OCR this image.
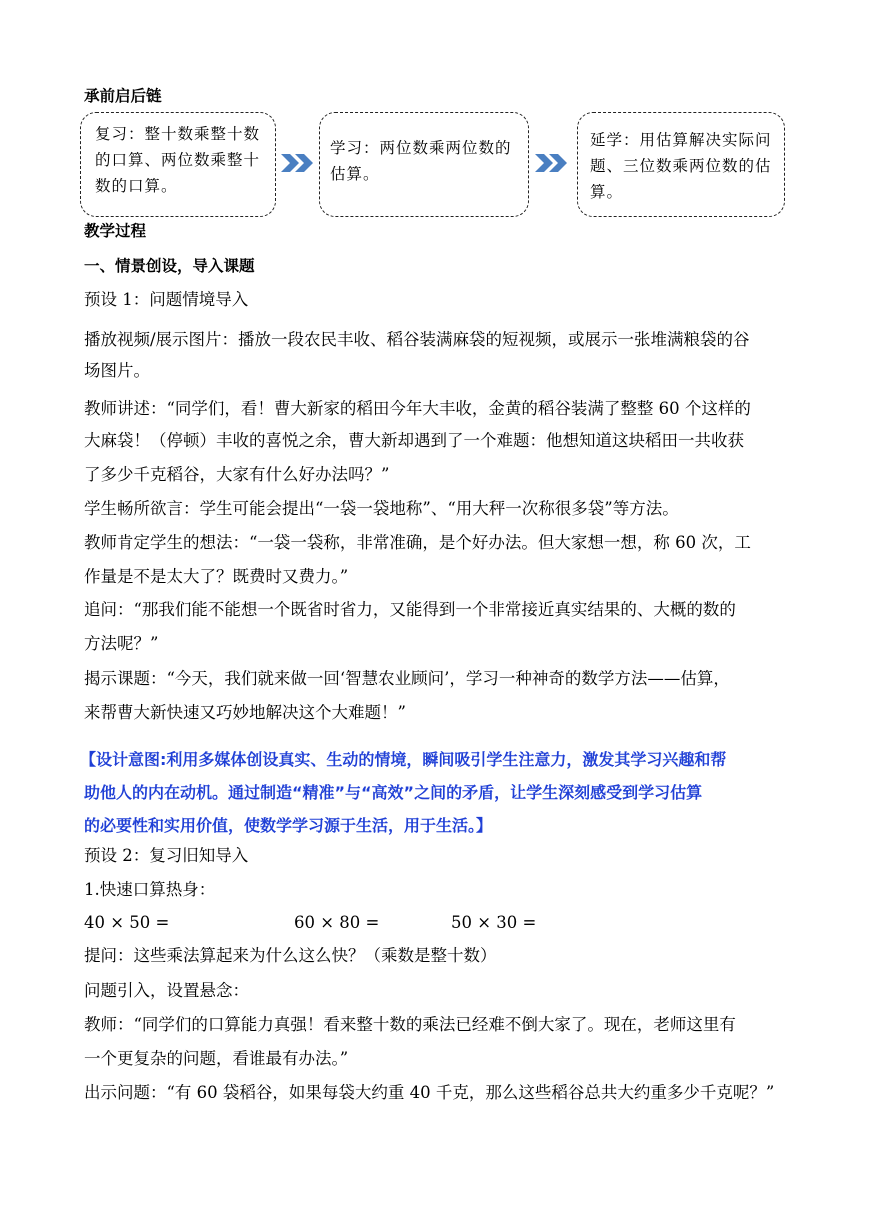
承前启后链
复习：整十数乘整十数
的口算、两位数乘整十
数的口算。
学习：两位数乘两位数的
估算。
延学：用估算解决实际问
题、三位数乘两位数的估
算。
教学过程
一、情景创设，导入课题
预设 1：问题情境导入
播放视频/展示图片：播放一段农民丰收、稻谷装满麻袋的短视频，或展示一张堆满粮袋的谷
场图片。
教师讲述：“同学们，看！曹大新家的稻田今年大丰收，金黄的稻谷装满了整整 60 个这样的
大麻袋！（停顿）丰收的喜悦之余，曹大新却遇到了一个难题：他想知道这块稻田一共收获
了多少千克稻谷，大家有什么好办法吗？”
学生畅所欲言：学生可能会提出“一袋一袋地称”、“用大秤一次称很多袋”等方法。
教师肯定学生的想法：“一袋一袋称，非常准确，是个好办法。但大家想一想，称 60 次，工
作量是不是太大了？既费时又费力。”
追问：“那我们能不能想一个既省时省力，又能得到一个非常接近真实结果的、大概的数的
方法呢？”
揭示课题：“今天，我们就来做一回‘智慧农业顾问’，学习一种神奇的数学方法——估算，
来帮曹大新快速又巧妙地解决这个大难题！”
【设计意图:利用多媒体创设真实、生动的情境，瞬间吸引学生注意力，激发其学习兴趣和帮
助他人的内在动机。通过制造“精准”与“高效”之间的矛盾，让学生深刻感受到学习估算
的必要性和实用价值，使数学学习源于生活，用于生活。】
预设 2：复习旧知导入
1.快速口算热身：
40 × 50 =	60 × 80 =	50 × 30 =
提问：这些乘法算起来为什么这么快？（乘数是整十数）
问题引入，设置悬念：
教师：“同学们的口算能力真强！看来整十数的乘法已经难不倒大家了。现在，老师这里有
一个更复杂的问题，看谁最有办法。”
出示问题：“有 60 袋稻谷，如果每袋大约重 40 千克，那么这些稻谷总共大约重多少千克呢？”
